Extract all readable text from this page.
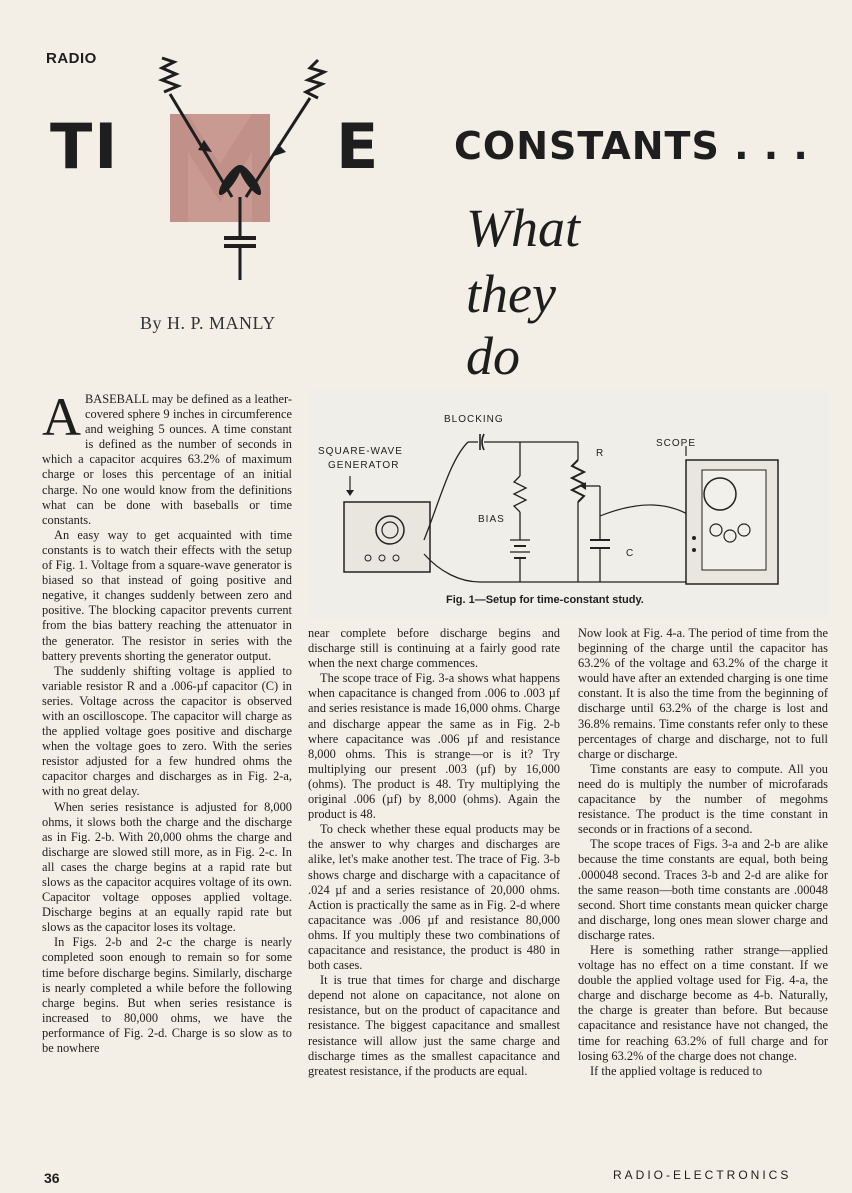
RADIO
TI	E CONSTANTS . . .
What
they
do
By H. P. MANLY
SQUARE-WAVE
GENERATOR
BLOCKING
BIAS
R
C
SCOPE
Fig. 1—Setup for time-constant study.

ABASEBALL may be defined as a leather-covered sphere 9 inches in circumference and weighing 5 ounces. A time constant is defined as the number of seconds in which a capacitor acquires 63.2% of maximum charge or loses this percentage of an initial charge. No one would know from the definitions what can be done with baseballs or time constants.

An easy way to get acquainted with time constants is to watch their effects with the setup of Fig. 1. Voltage from a square-wave generator is biased so that instead of going positive and negative, it changes suddenly between zero and positive. The blocking capacitor prevents current from the bias battery reaching the attenuator in the generator. The resistor in series with the battery prevents shorting the generator output.

The suddenly shifting voltage is applied to variable resistor R and a .006-µf capacitor (C) in series. Voltage across the capacitor is observed with an oscilloscope. The capacitor will charge as the applied voltage goes positive and discharge when the voltage goes to zero. With the series resistor adjusted for a few hundred ohms the capacitor charges and discharges as in Fig. 2-a, with no great delay.

When series resistance is adjusted for 8,000 ohms, it slows both the charge and the discharge as in Fig. 2-b. With 20,000 ohms the charge and discharge are slowed still more, as in Fig. 2-c. In all cases the charge begins at a rapid rate but slows as the capacitor acquires voltage of its own. Capacitor voltage opposes applied voltage. Discharge begins at an equally rapid rate but slows as the capacitor loses its voltage.

In Figs. 2-b and 2-c the charge is nearly completed soon enough to remain so for some time before discharge begins. Similarly, discharge is nearly completed a while before the following charge begins. But when series resistance is increased to 80,000 ohms, we have the performance of Fig. 2-d. Charge is so slow as to be nowhere

near complete before discharge begins and discharge still is continuing at a fairly good rate when the next charge commences.

The scope trace of Fig. 3-a shows what happens when capacitance is changed from .006 to .003 µf and series resistance is made 16,000 ohms. Charge and discharge appear the same as in Fig. 2-b where capacitance was .006 µf and resistance 8,000 ohms. This is strange—or is it? Try multiplying our present .003 (µf) by 16,000 (ohms). The product is 48. Try multiplying the original .006 (µf) by 8,000 (ohms). Again the product is 48.

To check whether these equal products may be the answer to why charges and discharges are alike, let's make another test. The trace of Fig. 3-b shows charge and discharge with a capacitance of .024 µf and a series resistance of 20,000 ohms. Action is practically the same as in Fig. 2-d where capacitance was .006 µf and resistance 80,000 ohms. If you multiply these two combinations of capacitance and resistance, the product is 480 in both cases.

It is true that times for charge and discharge depend not alone on capacitance, not alone on resistance, but on the product of capacitance and resistance. The biggest capacitance and smallest resistance will allow just the same charge and discharge times as the smallest capacitance and greatest resistance, if the products are equal.

Now look at Fig. 4-a. The period of time from the beginning of the charge until the capacitor has 63.2% of the voltage and 63.2% of the charge it would have after an extended charging is one time constant. It is also the time from the beginning of discharge until 63.2% of the charge is lost and 36.8% remains. Time constants refer only to these percentages of charge and discharge, not to full charge or discharge.

Time constants are easy to compute. All you need do is multiply the number of microfarads capacitance by the number of megohms resistance. The product is the time constant in seconds or in fractions of a second.

The scope traces of Figs. 3-a and 2-b are alike because the time constants are equal, both being .000048 second. Traces 3-b and 2-d are alike for the same reason—both time constants are .00048 second. Short time constants mean quicker charge and discharge, long ones mean slower charge and discharge rates.

Here is something rather strange—applied voltage has no effect on a time constant. If we double the applied voltage used for Fig. 4-a, the charge and discharge become as 4-b. Naturally, the charge is greater than before. But because capacitance and resistance have not changed, the time for reaching 63.2% of full charge and for losing 63.2% of the charge does not change.

If the applied voltage is reduced to

36	RADIO-ELECTRONICS
